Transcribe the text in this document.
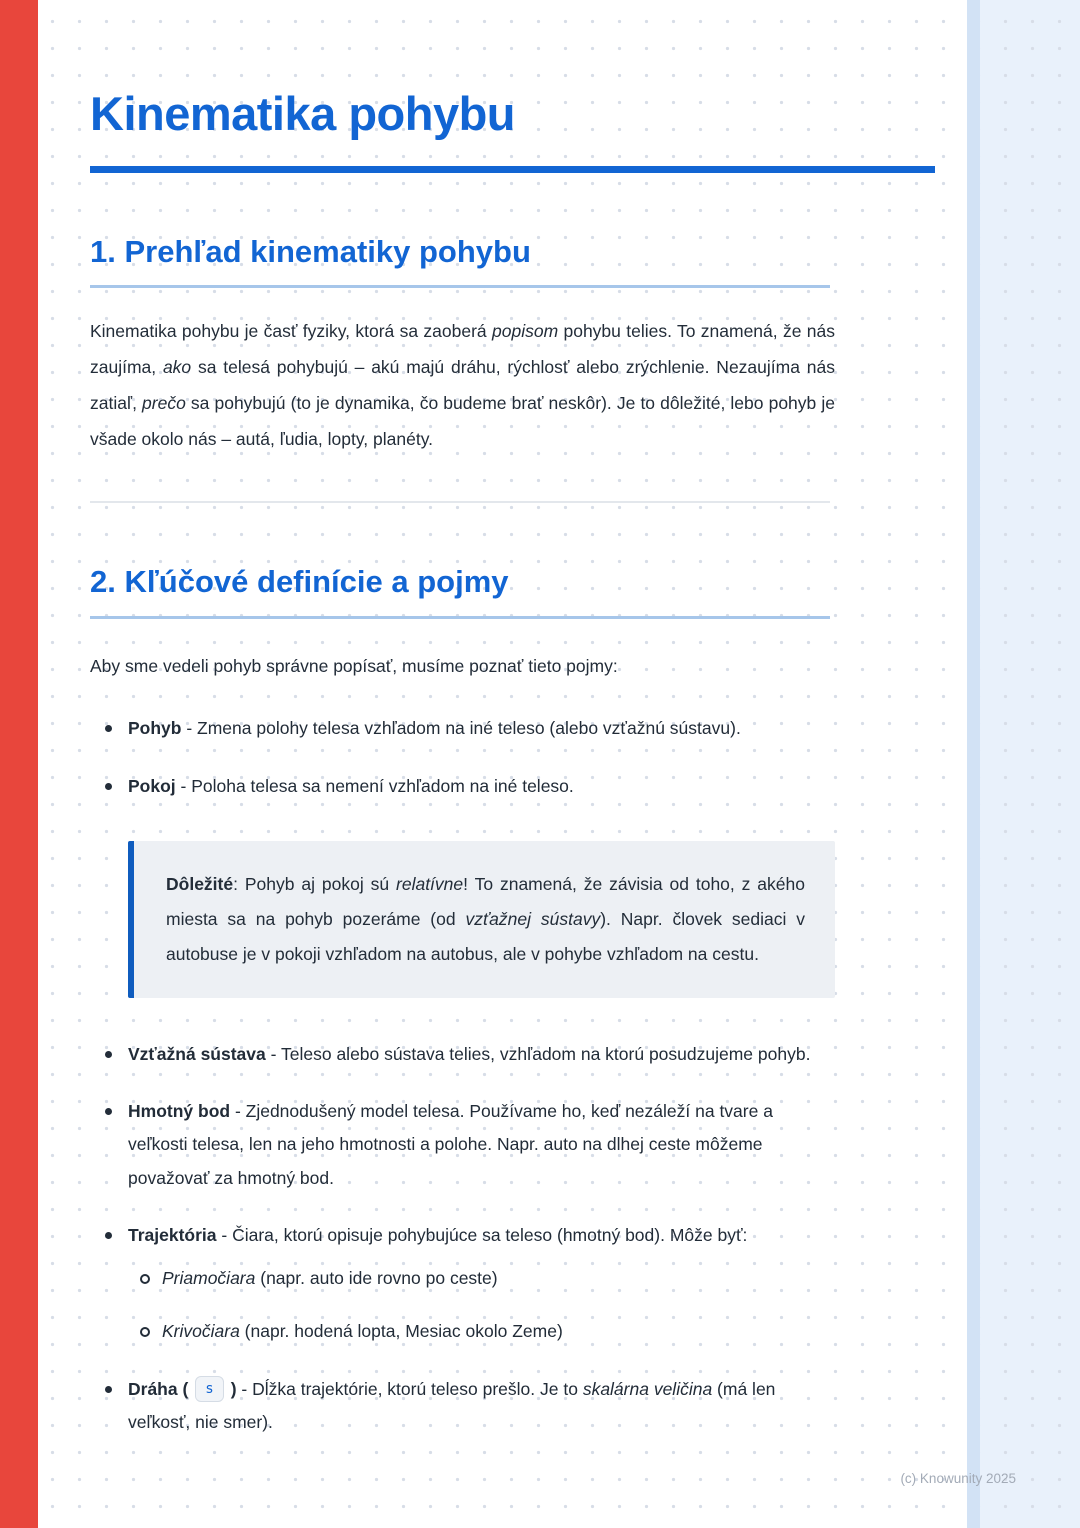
Kinematika pohybu
1. Prehľad kinematiky pohybu

Kinematika pohybu je časť fyziky, ktorá sa zaoberá popisom pohybu telies. To znamená, že nás zaujíma, ako sa telesá pohybujú – akú majú dráhu, rýchlosť alebo zrýchlenie. Nezaujíma nás zatiaľ, prečo sa pohybujú (to je dynamika, čo budeme brať neskôr). Je to dôležité, lebo pohyb je všade okolo nás – autá, ľudia, lopty, planéty.

2. Kľúčové definície a pojmy

Aby sme vedeli pohyb správne popísať, musíme poznať tieto pojmy:

Pohyb - Zmena polohy telesa vzhľadom na iné teleso (alebo vzťažnú sústavu).
Pokoj - Poloha telesa sa nemení vzhľadom na iné teleso.

Dôležité: Pohyb aj pokoj sú relatívne! To znamená, že závisia od toho, z akého miesta sa na pohyb pozeráme (od vzťažnej sústavy). Napr. človek sediaci v autobuse je v pokoji vzhľadom na autobus, ale v pohybe vzhľadom na cestu.

Vzťažná sústava - Teleso alebo sústava telies, vzhľadom na ktorú posudzujeme pohyb.
Hmotný bod - Zjednodušený model telesa. Používame ho, keď nezáleží na tvare a veľkosti telesa, len na jeho hmotnosti a polohe. Napr. auto na dlhej ceste môžeme považovať za hmotný bod.
Trajektória - Čiara, ktorú opisuje pohybujúce sa teleso (hmotný bod). Môže byť:
Priamočiara (napr. auto ide rovno po ceste)
Krivočiara (napr. hodená lopta, Mesiac okolo Zeme)
Dráha ( s ) - Dĺžka trajektórie, ktorú teleso prešlo. Je to skalárna veličina (má len veľkosť, nie smer).
(c) Knowunity 2025
